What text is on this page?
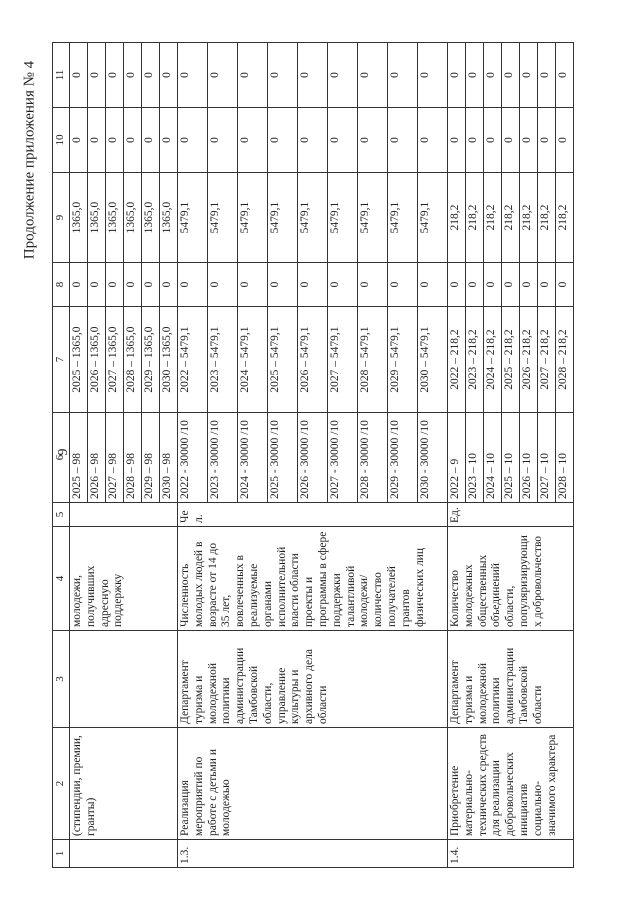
9
Продолжение приложения № 4
1	2	3	4	5	6	7	8	9	10	11
	(стипендии, премии, гранты)		молодежи, получивших адресную поддержку		2025 – 98	2025 – 1365,0	0	1365,0	0	0
					2026 – 98	2026 – 1365,0	0	1365,0	0	0
					2027 – 98	2027 – 1365,0	0	1365,0	0	0
					2028 – 98	2028 – 1365,0	0	1365,0	0	0
					2029 – 98	2029 – 1365,0	0	1365,0	0	0
					2030 – 98	2030 – 1365,0	0	1365,0	0	0
1.3.	Реализация мероприятий по работе с детьми и молодежью	Департамент туризма и молодежной политики администрации Тамбовской области, управление культуры и архивного дела области	Численность молодых людей в возрасте от 14 до 35 лет, вовлеченных в реализуемые органами исполнительной власти области проекты и программы в сфере поддержки талантливой молодежи/ количество получателей грантов физических лиц	Чел.	2022 - 30000 /10	2022 – 5479,1	0	5479,1	0	0
					2023 - 30000 /10	2023 – 5479,1	0	5479,1	0	0
					2024 - 30000 /10	2024 – 5479,1	0	5479,1	0	0
					2025 - 30000 /10	2025 – 5479,1	0	5479,1	0	0
					2026 - 30000 /10	2026 – 5479,1	0	5479,1	0	0
					2027 - 30000 /10	2027 – 5479,1	0	5479,1	0	0
					2028 - 30000 /10	2028 – 5479,1	0	5479,1	0	0
					2029 - 30000 /10	2029 – 5479,1	0	5479,1	0	0
					2030 - 30000 /10	2030 – 5479,1	0	5479,1	0	0
1.4.	Приобретение материально-технических средств для реализации добровольческих инициатив социально-значимого характера	Департамент туризма и молодежной политики администрации Тамбовской области	Количество молодежных общественных объединений области, популяризирующих добровольчество	Ед.	2022 – 9	2022 – 218,2	0	218,2	0	0
					2023 – 10	2023 – 218,2	0	218,2	0	0
					2024 – 10	2024 – 218,2	0	218,2	0	0
					2025 – 10	2025 – 218,2	0	218,2	0	0
					2026 – 10	2026 – 218,2	0	218,2	0	0
					2027 – 10	2027 – 218,2	0	218,2	0	0
					2028 – 10	2028 – 218,2	0	218,2	0	0
